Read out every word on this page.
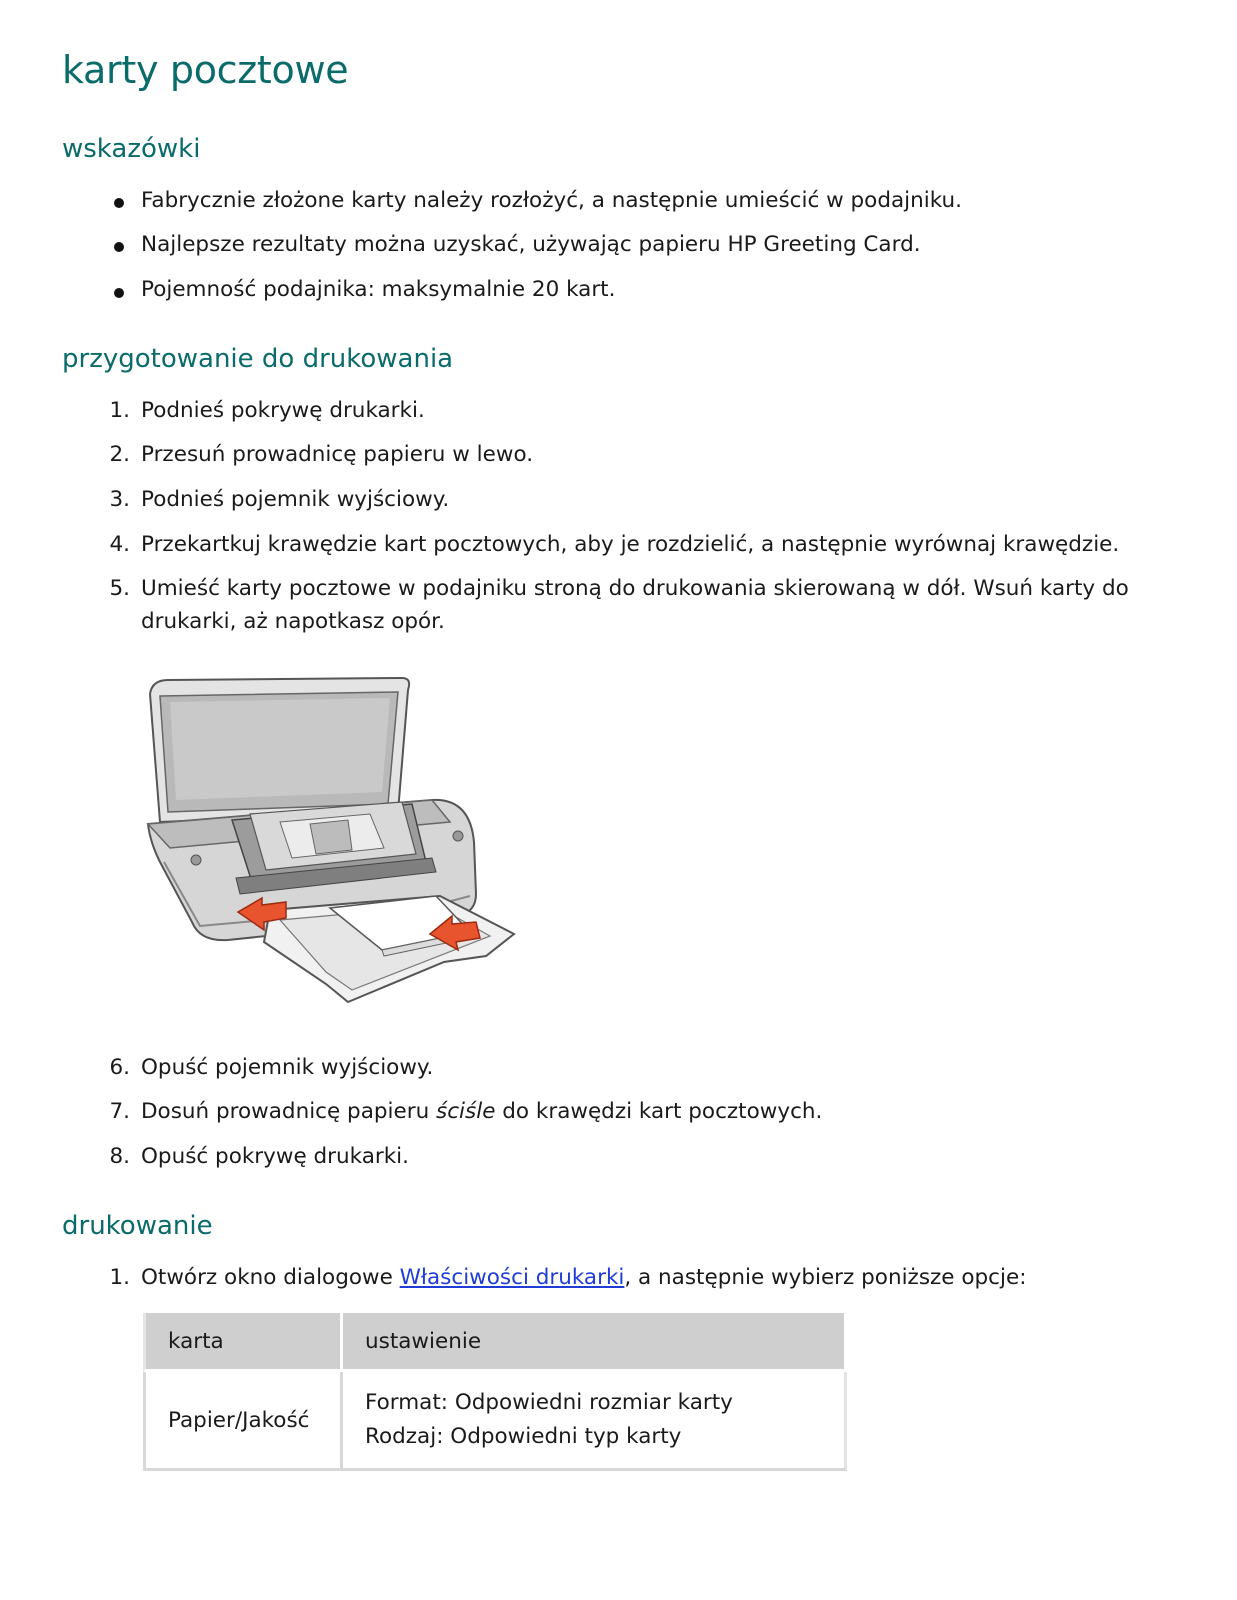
karty pocztowe
wskazówki
Fabrycznie złożone karty należy rozłożyć, a następnie umieścić w podajniku.
Najlepsze rezultaty można uzyskać, używając papieru HP Greeting Card.
Pojemność podajnika: maksymalnie 20 kart.
przygotowanie do drukowania
1. Podnieś pokrywę drukarki.
2. Przesuń prowadnicę papieru w lewo.
3. Podnieś pojemnik wyjściowy.
4. Przekartkuj krawędzie kart pocztowych, aby je rozdzielić, a następnie wyrównaj krawędzie.
5. Umieść karty pocztowe w podajniku stroną do drukowania skierowaną w dół. Wsuń karty do
drukarki, aż napotkasz opór.
6. Opuść pojemnik wyjściowy.
7. Dosuń prowadnicę papieru ściśle do krawędzi kart pocztowych.
8. Opuść pokrywę drukarki.
drukowanie
1. Otwórz okno dialogowe Właściwości drukarki, a następnie wybierz poniższe opcje:
karta	ustawienie
Papier/Jakość	Format: Odpowiedni rozmiar karty
Rodzaj: Odpowiedni typ karty
